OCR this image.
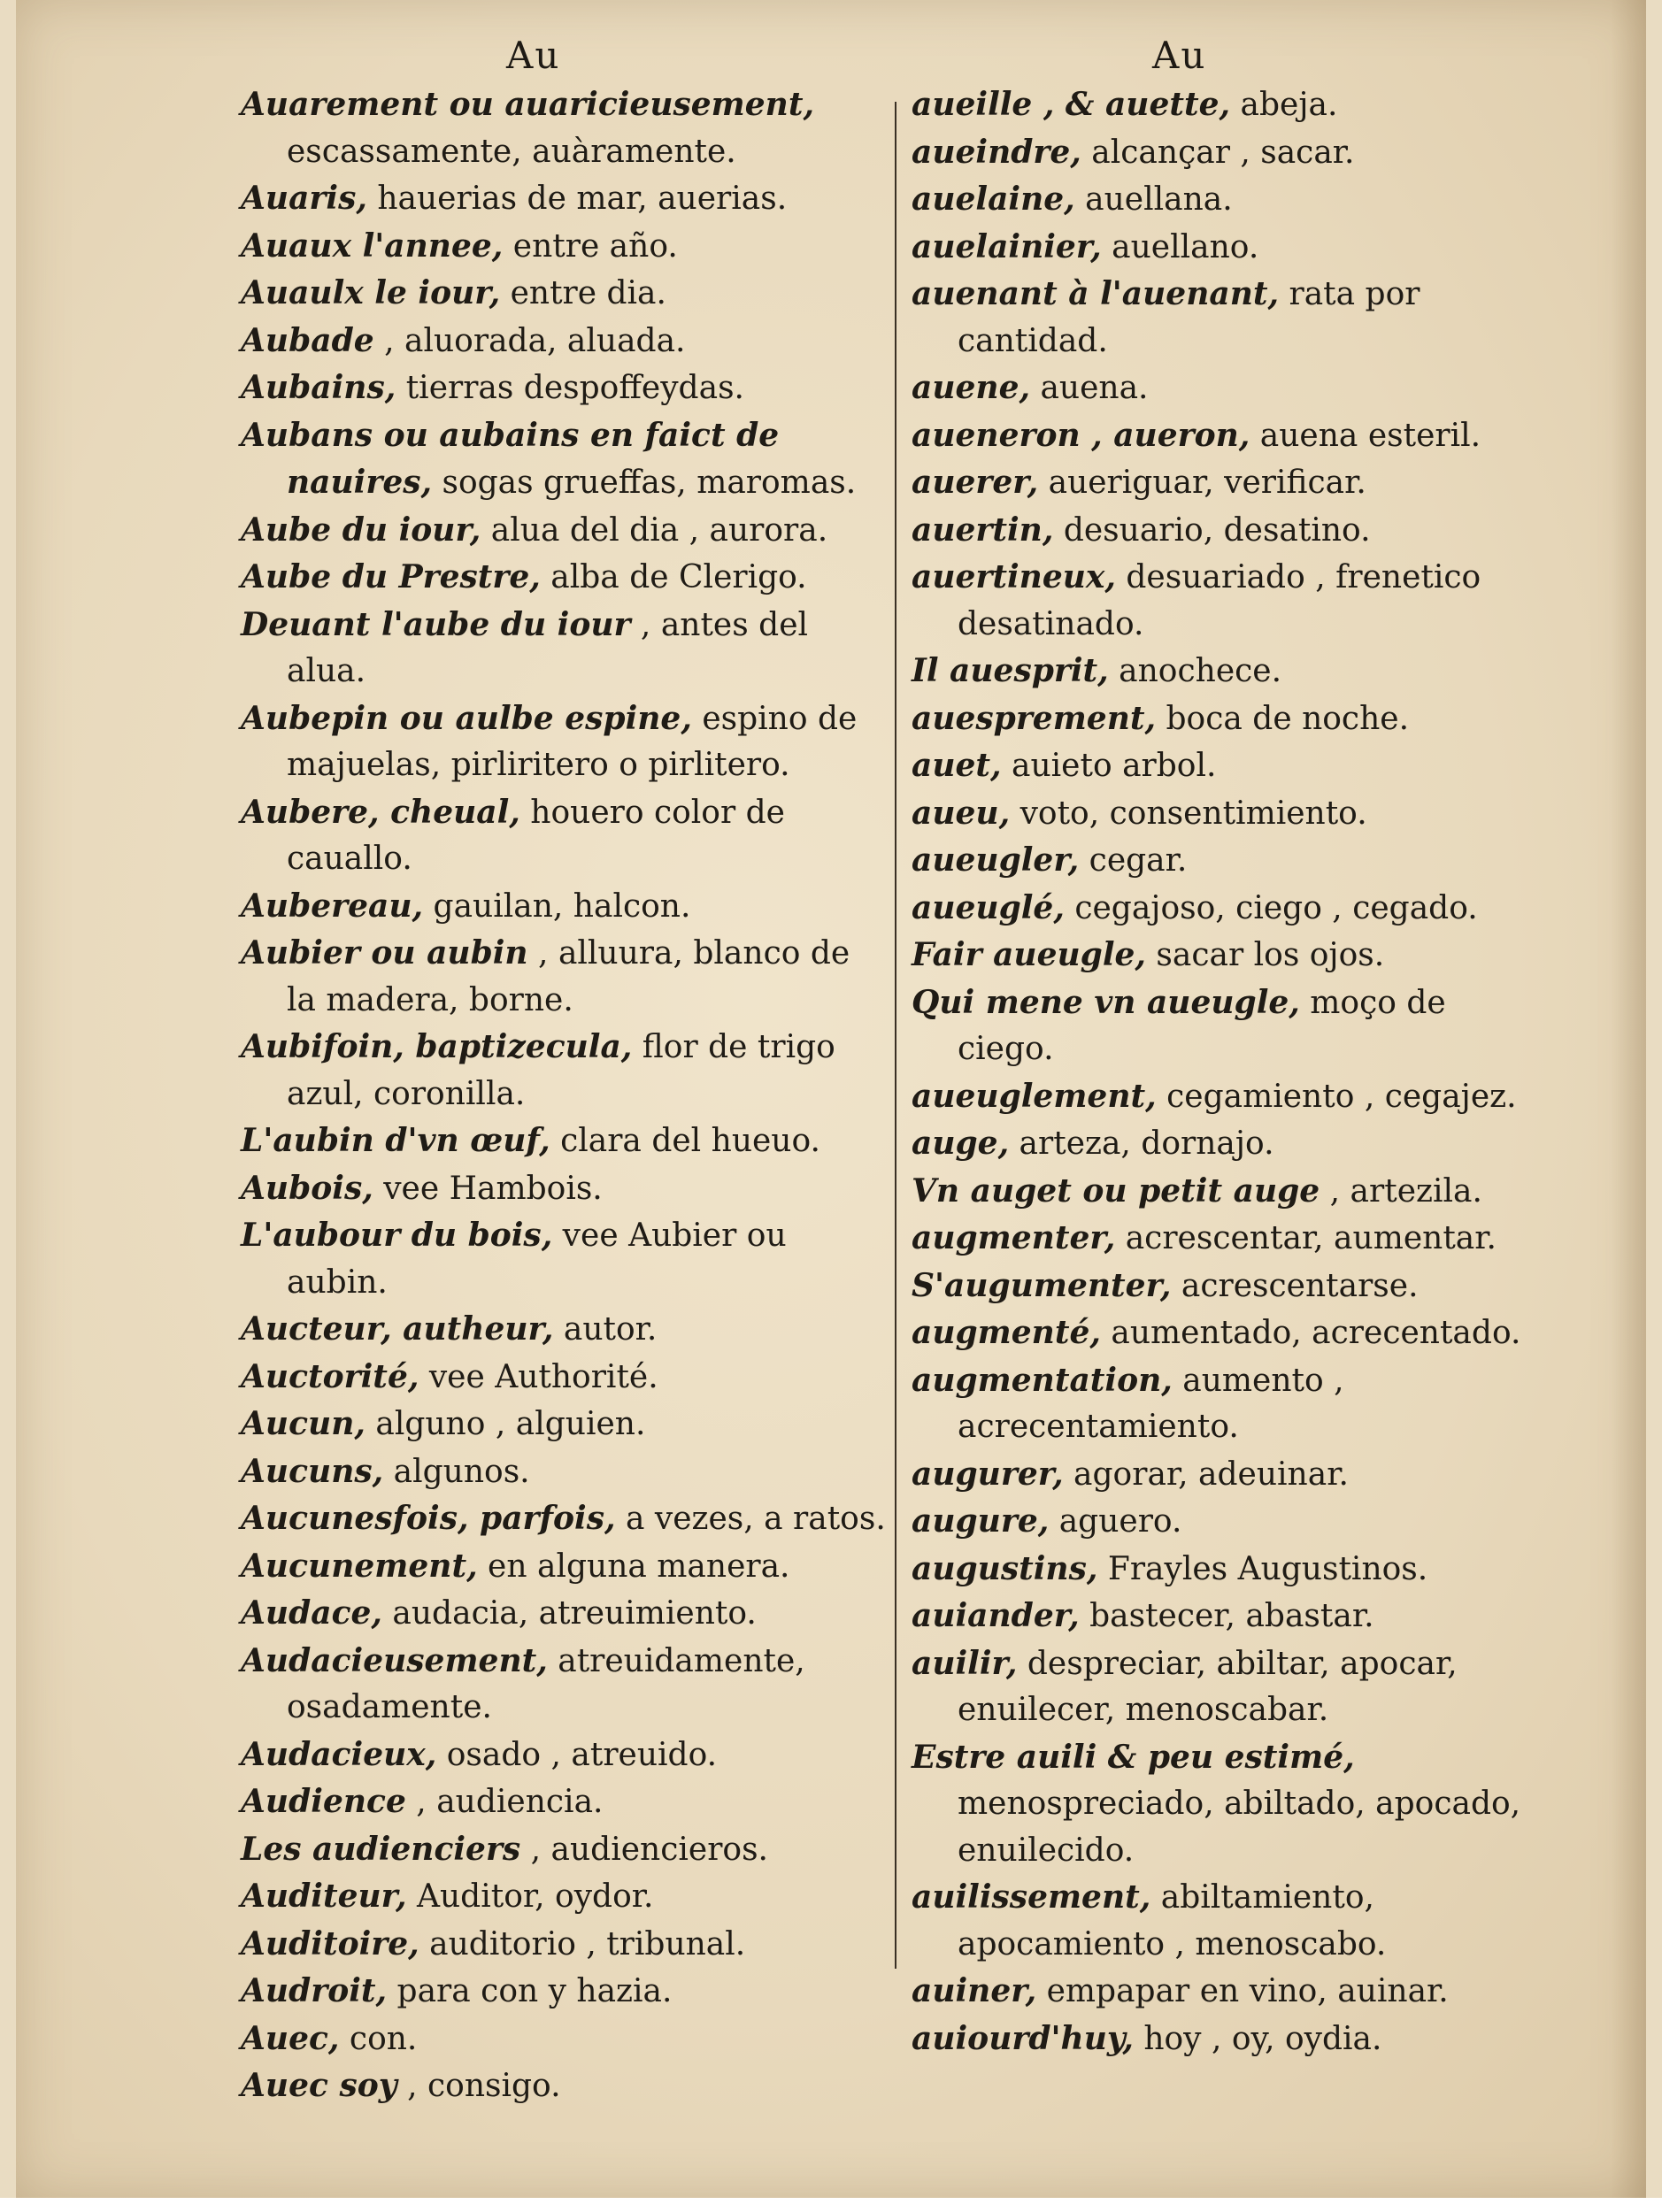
Au	Au

Auarement ou auaricieusement, escassamente, auàramente.

Auaris, hauerias de mar, auerias.

Auaux l'annee, entre año.

Auaulx le iour, entre dia.

Aubade , aluorada, aluada.

Aubains, tierras despoffeydas.

Aubans ou aubains en faict de nauires, sogas grueffas, maromas.

Aube du iour, alua del dia , aurora.

Aube du Prestre, alba de Clerigo.

Deuant l'aube du iour , antes del alua.

Aubepin ou aulbe espine, espino de majuelas, pirliritero o pirlitero.

Aubere, cheual, houero color de cauallo.

Aubereau, gauilan, halcon.

Aubier ou aubin , alluura, blanco de la madera, borne.

Aubifoin, baptizecula, flor de trigo azul, coronilla.

L'aubin d'vn œuf, clara del hueuo.

Aubois, vee Hambois.

L'aubour du bois, vee Aubier ou aubin.

Aucteur, autheur, autor.

Auctorité, vee Authorité.

Aucun, alguno , alguien.

Aucuns, algunos.

Aucunesfois, parfois, a vezes, a ratos.

Aucunement, en alguna manera.

Audace, audacia, atreuimiento.

Audacieusement, atreuidamente, osadamente.

Audacieux, osado , atreuido.

Audience , audiencia.

Les audienciers , audiencieros.

Auditeur, Auditor, oydor.

Auditoire, auditorio , tribunal.

Audroit, para con y hazia.

Auec, con.

Auec soy , consigo.

aueille , & auette, abeja.

aueindre, alcançar , sacar.

auelaine, auellana.

auelainier, auellano.

auenant à l'auenant, rata por cantidad.

auene, auena.

aueneron , aueron, auena esteril.

auerer, aueriguar, verificar.

auertin, desuario, desatino.

auertineux, desuariado , frenetico desatinado.

Il auesprit, anochece.

auesprement, boca de noche.

auet, auieto arbol.

aueu, voto, consentimiento.

aueugler, cegar.

aueuglé, cegajoso, ciego , cegado.

Fair aueugle, sacar los ojos.

Qui mene vn aueugle, moço de ciego.

aueuglement, cegamiento , cegajez.

auge, arteza, dornajo.

Vn auget ou petit auge , artezila.

augmenter, acrescentar, aumentar.

S'augumenter, acrescentarse.

augmenté, aumentado, acrecentado.

augmentation, aumento , acrecentamiento.

augurer, agorar, adeuinar.

augure, aguero.

augustins, Frayles Augustinos.

auiander, bastecer, abastar.

auilir, despreciar, abiltar, apocar, enuilecer, menoscabar.

Estre auili & peu estimé, menospreciado, abiltado, apocado, enuilecido.

auilissement, abiltamiento, apocamiento , menoscabo.

auiner, empapar en vino, auinar.

auiourd'huy, hoy , oy, oydia.
